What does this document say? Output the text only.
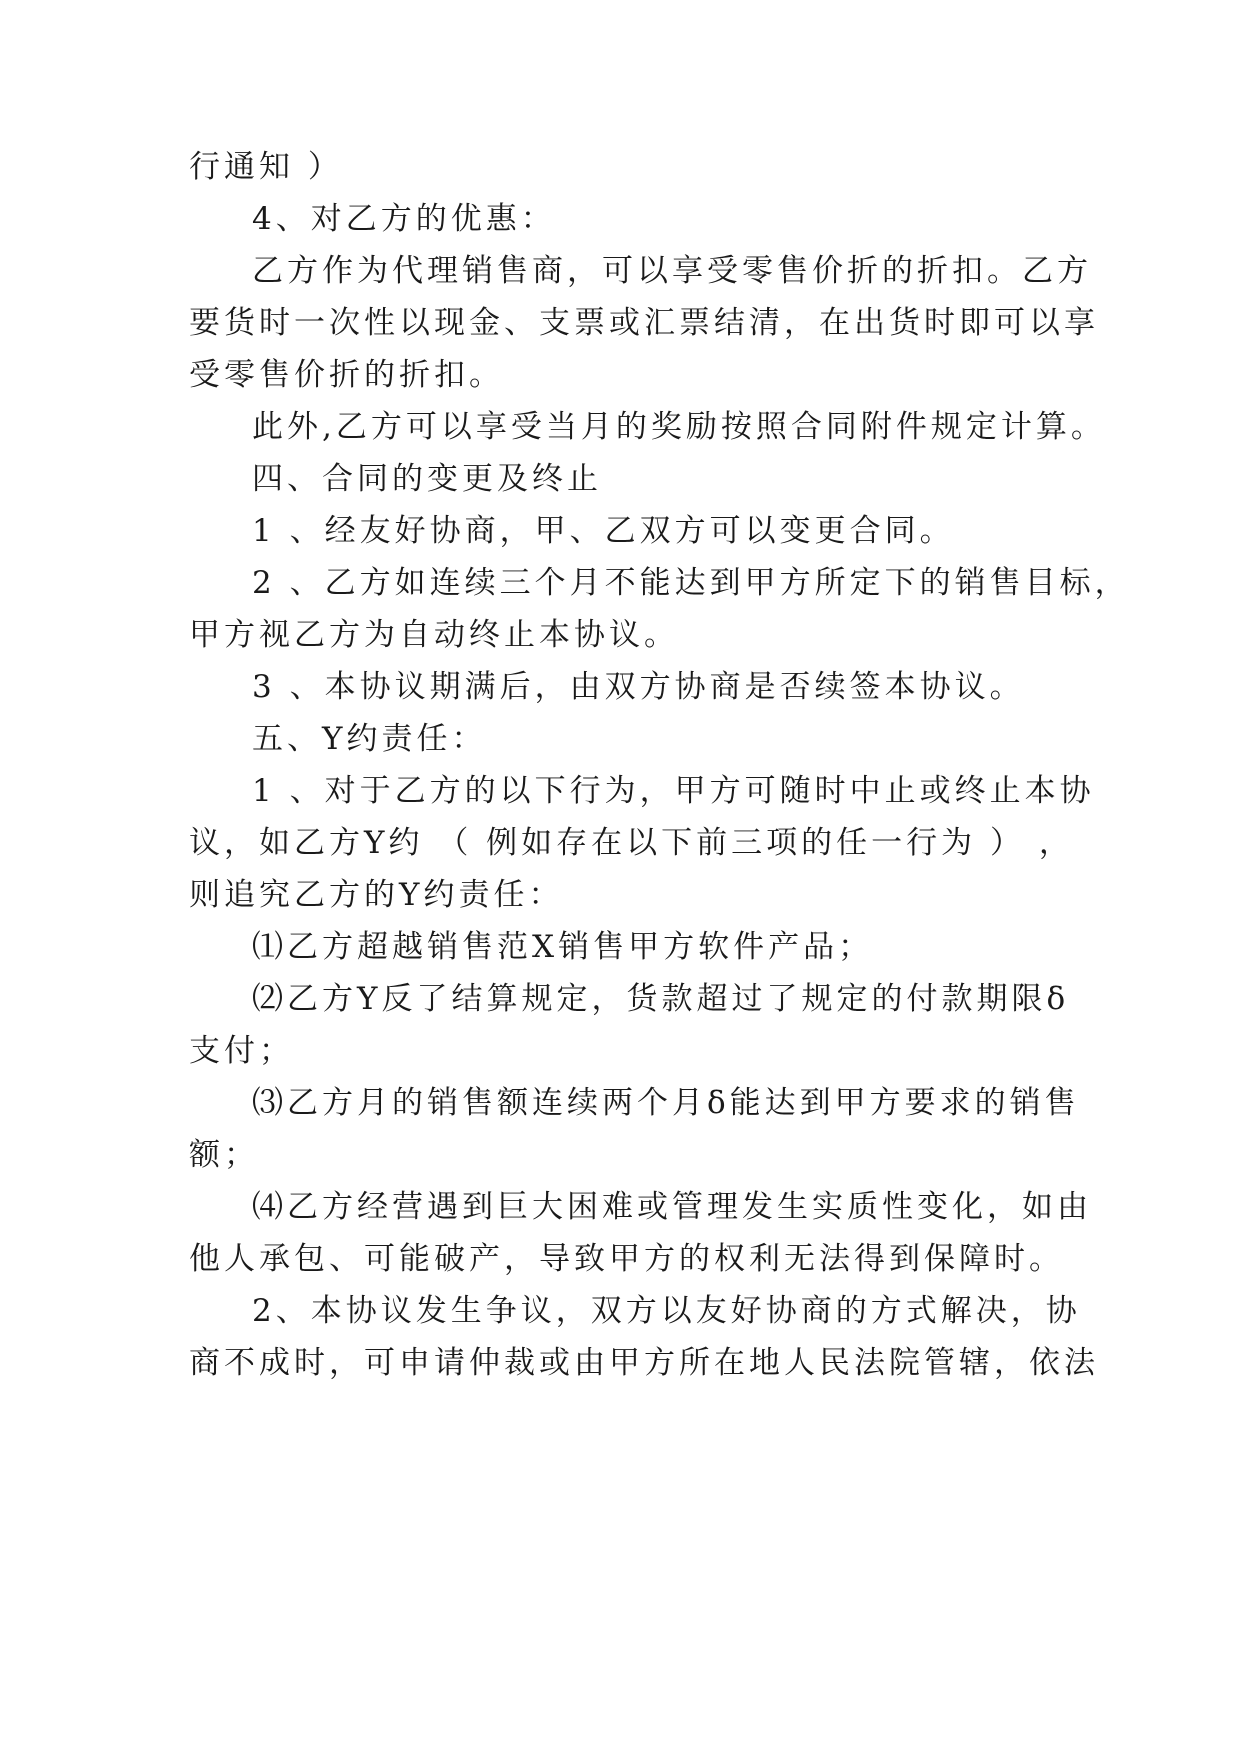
行通知 ）
4、对乙方的优惠：
乙方作为代理销售商，可以享受零售价折的折扣。乙方
要货时一次性以现金、支票或汇票结清，在出货时即可以享
受零售价折的折扣。
此外,乙方可以享受当月的奖励按照合同附件规定计算。
四、合同的变更及终止
1 、经友好协商，甲、乙双方可以变更合同。
2 、乙方如连续三个月不能达到甲方所定下的销售目标，
甲方视乙方为自动终止本协议。
3 、本协议期满后，由双方协商是否续签本协议。
五、Y约责任：
1 、对于乙方的以下行为，甲方可随时中止或终止本协
议，如乙方Y约 （ 例如存在以下前三项的任一行为 ） ，
则追究乙方的Y约责任：
⑴乙方超越销售范X销售甲方软件产品；
⑵乙方Y反了结算规定，货款超过了规定的付款期限δ
支付；
⑶乙方月的销售额连续两个月δ能达到甲方要求的销售
额；
⑷乙方经营遇到巨大困难或管理发生实质性变化，如由
他人承包、可能破产，导致甲方的权利无法得到保障时。
2、本协议发生争议，双方以友好协商的方式解决，协
商不成时，可申请仲裁或由甲方所在地人民法院管辖，依法
